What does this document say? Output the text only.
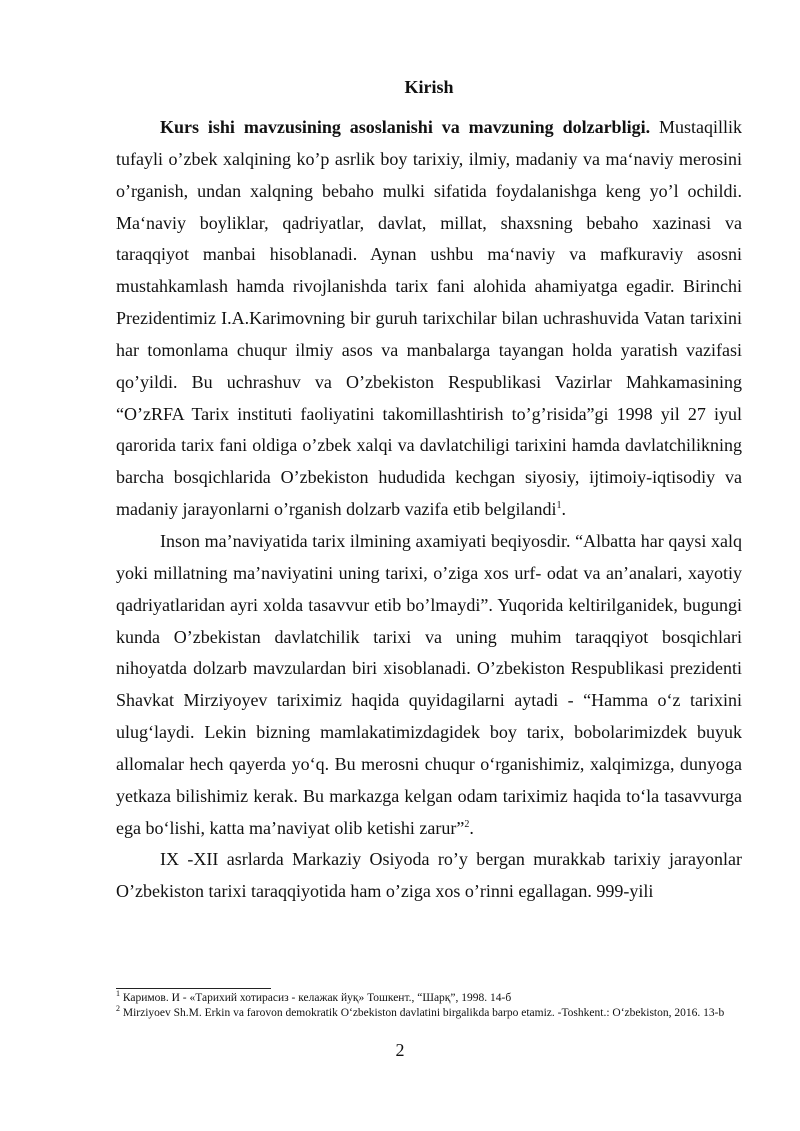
Kirish

Kurs ishi mavzusining asoslanishi va mavzuning dolzarbligi. Mustaqillik tufayli o’zbek xalqining ko’p asrlik boy tarixiy, ilmiy, madaniy va ma‘naviy merosini o’rganish, undan xalqning bebaho mulki sifatida foydalanishga keng yo’l ochildi. Ma‘naviy boyliklar, qadriyatlar, davlat, millat, shaxsning bebaho xazinasi va taraqqiyot manbai hisoblanadi. Aynan ushbu ma‘naviy va mafkuraviy asosni mustahkamlash hamda rivojlanishda tarix fani alohida ahamiyatga egadir. Birinchi Prezidentimiz I.A.Karimovning bir guruh tarixchilar bilan uchrashuvida Vatan tarixini har tomonlama chuqur ilmiy asos va manbalarga tayangan holda yaratish vazifasi qo’yildi. Bu uchrashuv va O’zbekiston Respublikasi Vazirlar Mahkamasining “O’zRFA Tarix instituti faoliyatini takomillashtirish to’g’risida”gi 1998 yil 27 iyul qarorida tarix fani oldiga o’zbek xalqi va davlatchiligi tarixini hamda davlatchilikning barcha bosqichlarida O’zbekiston hududida kechgan siyosiy, ijtimoiy-iqtisodiy va madaniy jarayonlarni o’rganish dolzarb vazifa etib belgilandi$^1$.

Inson ma’naviyatida tarix ilmining axamiyati beqiyosdir. “Albatta har qaysi xalq yoki millatning ma’naviyatini uning tarixi, o’ziga xos urf- odat va an’analari, xayotiy qadriyatlaridan ayri xolda tasavvur etib bo’lmaydi”. Yuqorida keltirilganidek, bugungi kunda O’zbekistan davlatchilik tarixi va uning muhim taraqqiyot bosqichlari nihoyatda dolzarb mavzulardan biri xisoblanadi. O’zbekiston Respublikasi prezidenti Shavkat Mirziyoyev tariximiz haqida quyidagilarni aytadi - “Hamma o‘z tarixini ulug‘laydi. Lekin bizning mamlakatimizdagidek boy tarix, bobolarimizdek buyuk allomalar hech qayerda yo‘q. Bu merosni chuqur o‘rganishimiz, xalqimizga, dunyoga yetkaza bilishimiz kerak. Bu markazga kelgan odam tariximiz haqida to‘la tasavvurga ega bo‘lishi, katta ma’naviyat olib ketishi zarur”$^2$.

IX -XII asrlarda Markaziy Osiyoda ro’y bergan murakkab tarixiy jarayonlar O’zbekiston tarixi taraqqiyotida ham o’ziga xos o’rinni egallagan. 999-yili

$^1$ Каримов. И - «Тарихий хотирасиз - келажак йуқ» Тошкент., “Шарқ”, 1998. 14-б

$^2$ Mirziyoev Sh.M. Erkin va farovon demokratik O‘zbekiston davlatini birgalikda barpo etamiz. -Toshkent.: O‘zbekiston, 2016. 13-b

2
